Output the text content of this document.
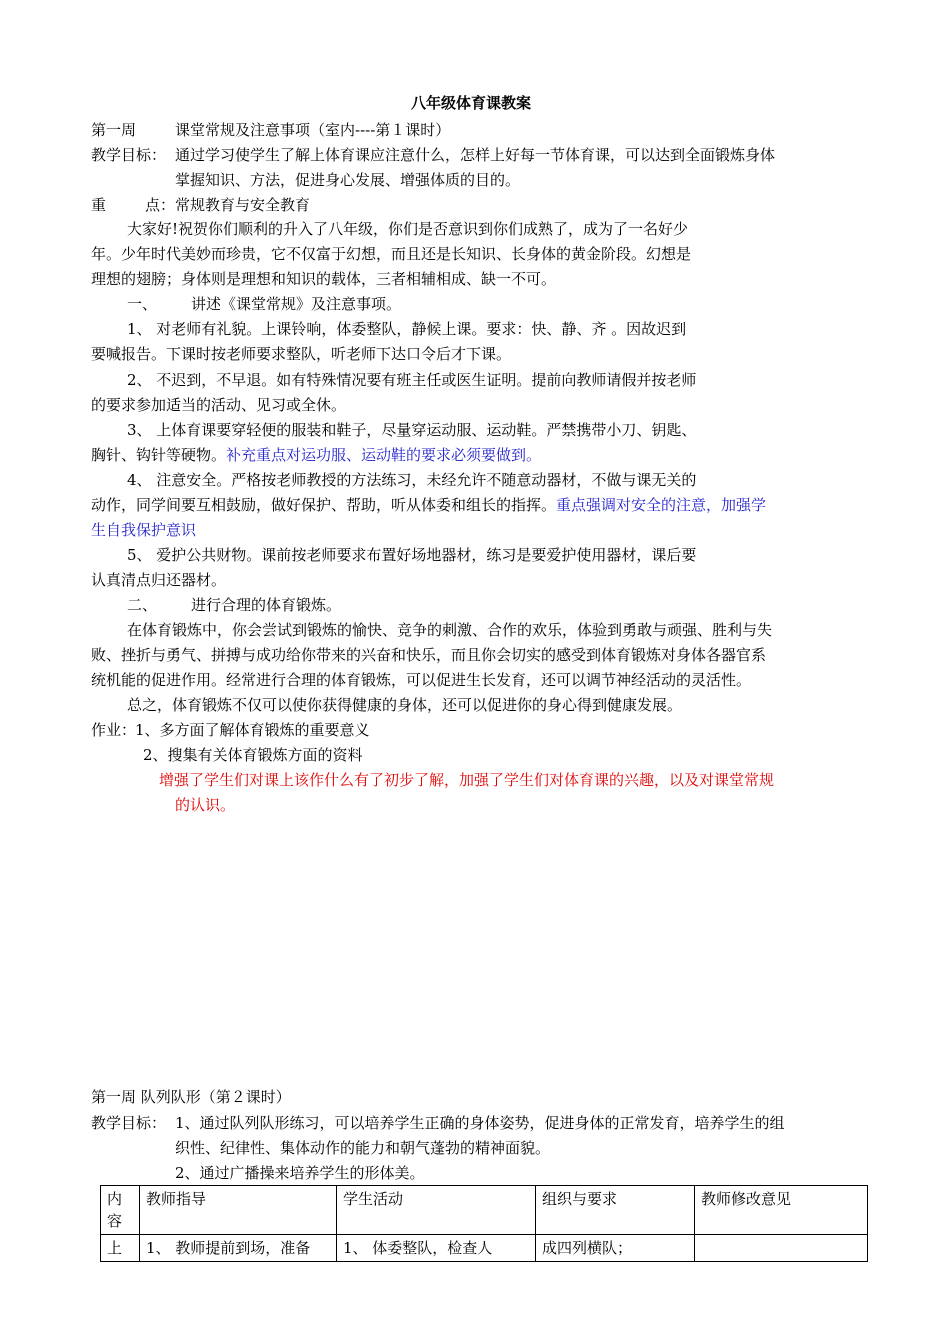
八年级体育课教案
第一周	课堂常规及注意事项（室内----第１课时）
教学目标： 通过学习使学生了解上体育课应注意什么，怎样上好每一节体育课，可以达到全面锻炼身体
掌握知识、方法，促进身心发展、增强体质的目的。
重	点： 常规教育与安全教育
大家好!祝贺你们顺利的升入了八年级，你们是否意识到你们成熟了，成为了一名好少
年。少年时代美妙而珍贵，它不仅富于幻想，而且还是长知识、长身体的黄金阶段。幻想是
理想的翅膀；身体则是理想和知识的载体，三者相辅相成、缺一不可。
一、 讲述《课堂常规》及注意事项。
1、 对老师有礼貌。上课铃响，体委整队，静候上课。要求：快、静、齐 。因故迟到
要喊报告。下课时按老师要求整队，听老师下达口令后才下课。
2、 不迟到，不早退。如有特殊情况要有班主任或医生证明。提前向教师请假并按老师
的要求参加适当的活动、见习或全休。
3、 上体育课要穿轻便的服装和鞋子，尽量穿运动服、运动鞋。严禁携带小刀、钥匙、
胸针、钩针等硬物。补充重点对运功服、运动鞋的要求必须要做到。
4、 注意安全。严格按老师教授的方法练习，未经允许不随意动器材，不做与课无关的
动作，同学间要互相鼓励，做好保护、帮助，听从体委和组长的指挥。重点强调对安全的注意，加强学
生自我保护意识
5、 爱护公共财物。课前按老师要求布置好场地器材，练习是要爱护使用器材，课后要
认真清点归还器材。
二、 进行合理的体育锻炼。
在体育锻炼中，你会尝试到锻炼的愉快、竞争的刺激、合作的欢乐，体验到勇敢与顽强、胜利与失
败、挫折与勇气、拼搏与成功给你带来的兴奋和快乐，而且你会切实的感受到体育锻炼对身体各器官系
统机能的促进作用。经常进行合理的体育锻炼，可以促进生长发育，还可以调节神经活动的灵活性。
总之，体育锻炼不仅可以使你获得健康的身体，还可以促进你的身心得到健康发展。
作业：
1、多方面了解体育锻炼的重要意义
2、搜集有关体育锻炼方面的资料
增强了学生们对课上该作什么有了初步了解，加强了学生们对体育课的兴趣，以及对课堂常规
的认识。
第一周 队列队形（第２课时）
教学目标： 1、通过队列队形练习，可以培养学生正确的身体姿势，促进身体的正常发育，培养学生的组
织性、纪律性、集体动作的能力和朝气蓬勃的精神面貌。
2、通过广播操来培养学生的形体美。
内容	教师指导	学生活动	组织与要求	教师修改意见
上	1、 教师提前到场，准备	1、 体委整队，检查人	成四列横队；	
